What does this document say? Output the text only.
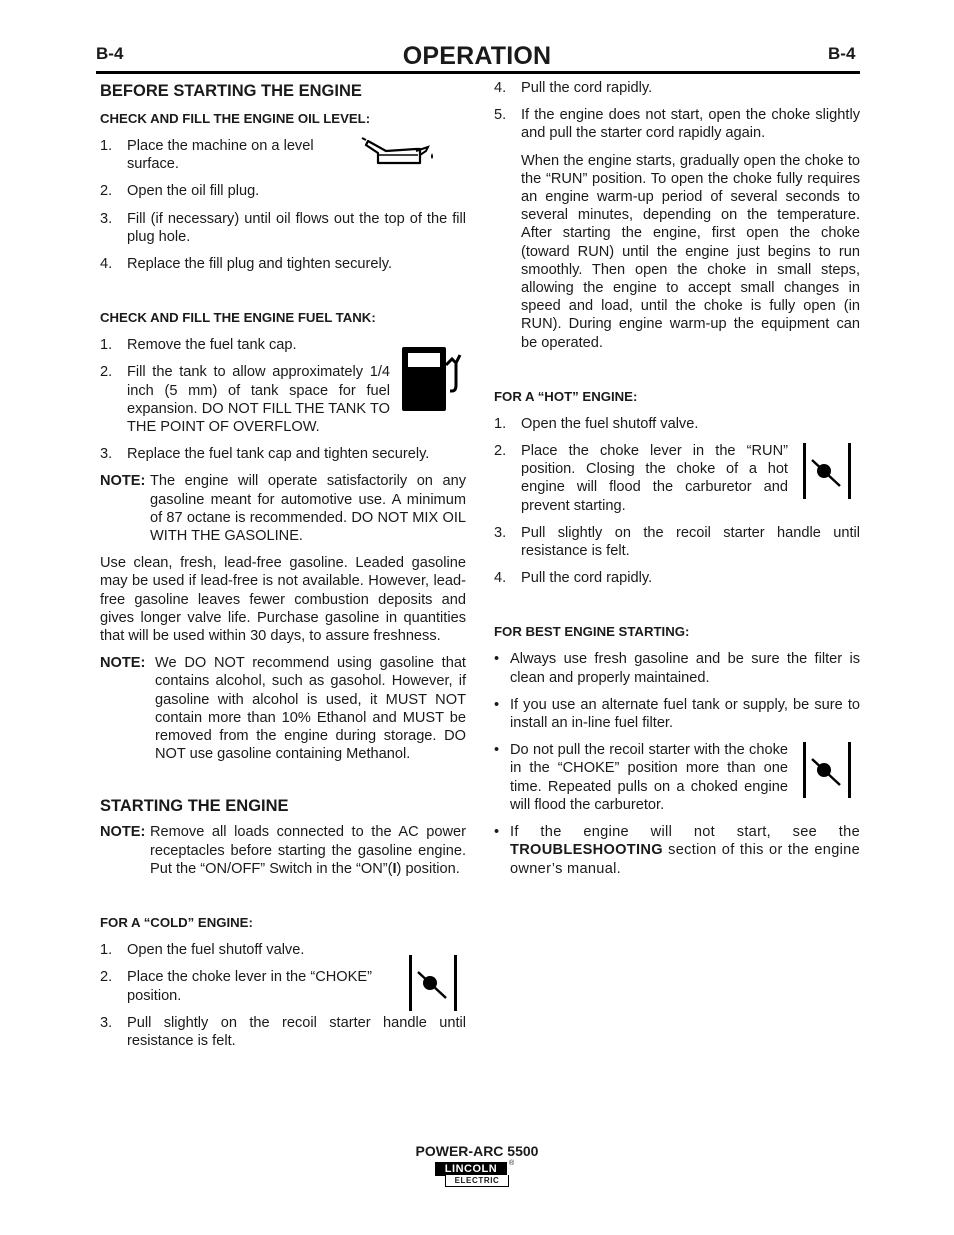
B-4	OPERATION	B-4
BEFORE STARTING THE ENGINE
CHECK AND FILL THE ENGINE OIL LEVEL:
1. Place the machine on a level surface.
2. Open the oil fill plug.
3. Fill (if necessary) until oil flows out the top of the fill plug hole.
4. Replace the fill plug and tighten securely.
CHECK AND FILL THE ENGINE FUEL TANK:
1. Remove the fuel tank cap.
2. Fill the tank to allow approximately 1/4 inch (5 mm) of tank space for fuel expansion. DO NOT FILL THE TANK TO THE POINT OF OVERFLOW.
3. Replace the fuel tank cap and tighten securely.
NOTE: The engine will operate satisfactorily on any gasoline meant for automotive use. A minimum of 87 octane is recommended. DO NOT MIX OIL WITH THE GASOLINE.

Use clean, fresh, lead-free gasoline. Leaded gasoline may be used if lead-free is not available. However, lead-free gasoline leaves fewer combustion deposits and gives longer valve life. Purchase gasoline in quantities that will be used within 30 days, to assure freshness.

NOTE: We DO NOT recommend using gasoline that contains alcohol, such as gasohol. However, if gasoline with alcohol is used, it MUST NOT contain more than 10% Ethanol and MUST be removed from the engine during storage. DO NOT use gasoline containing Methanol.
STARTING THE ENGINE
NOTE: Remove all loads connected to the AC power receptacles before starting the gasoline engine. Put the “ON/OFF” Switch in the “ON”(I) position.
FOR A “COLD” ENGINE:
1. Open the fuel shutoff valve.
2. Place the choke lever in the “CHOKE” position.
3. Pull slightly on the recoil starter handle until resistance is felt.
4. Pull the cord rapidly.
5. If the engine does not start, open the choke slightly and pull the starter cord rapidly again.

When the engine starts, gradually open the choke to the “RUN” position. To open the choke fully requires an engine warm-up period of several seconds to several minutes, depending on the temperature. After starting the engine, first open the choke (toward RUN) until the engine just begins to run smoothly. Then open the choke in small steps, allowing the engine to accept small changes in speed and load, until the choke is fully open (in RUN). During engine warm-up the equipment can be operated.

FOR A “HOT” ENGINE:
1. Open the fuel shutoff valve.
2. Place the choke lever in the “RUN” position. Closing the choke of a hot engine will flood the carburetor and prevent starting.
3. Pull slightly on the recoil starter handle until resistance is felt.
4. Pull the cord rapidly.
FOR BEST ENGINE STARTING:
• Always use fresh gasoline and be sure the filter is clean and properly maintained.
• If you use an alternate fuel tank or supply, be sure to install an in-line fuel filter.
• Do not pull the recoil starter with the choke in the “CHOKE” position more than one time. Repeated pulls on a choked engine will flood the carburetor.
• If the engine will not start, see the TROUBLESHOOTING section of this or the engine owner’s manual.
POWER-ARC 5500
LINCOLN
ELECTRIC
®
